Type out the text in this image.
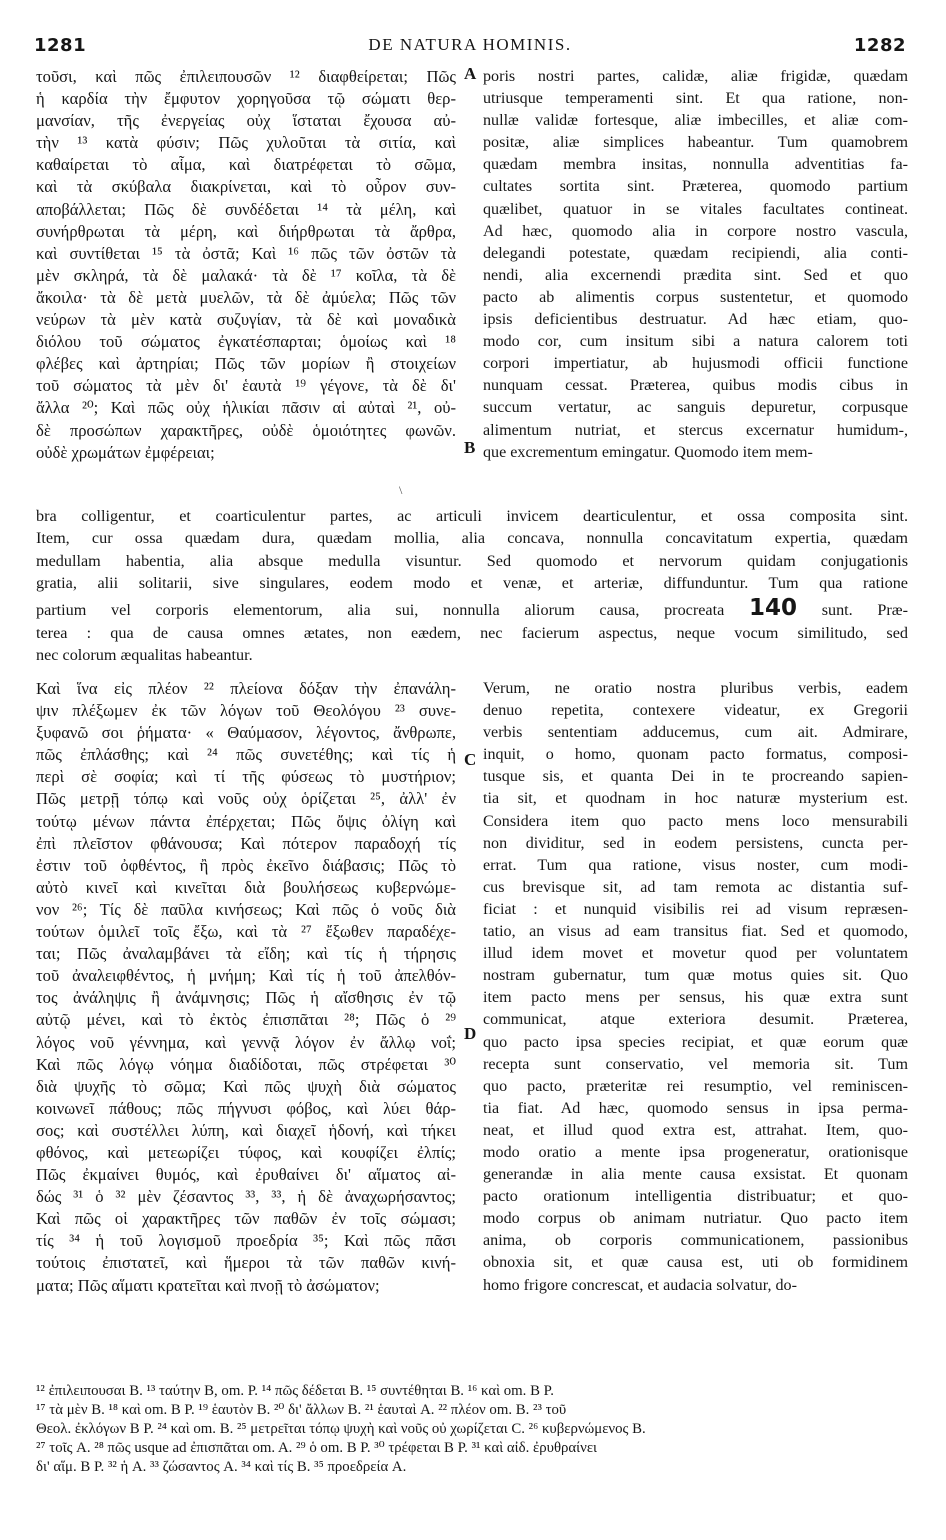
1281	DE NATURA HOMINIS.	1282
τοῦσι, καὶ πῶς ἐπιλειπουσῶν ¹² διαφθείρεται; Πῶς
ἡ καρδία τὴν ἔμφυτον χορηγοῦσα τῷ σώματι θερ-
μανσίαν, τῆς ἐνεργείας οὐχ ἵσταται ἔχουσα αὐ-
τὴν ¹³ κατὰ φύσιν; Πῶς χυλοῦται τὰ σιτία, καὶ
καθαίρεται τὸ αἷμα, καὶ διατρέφεται τὸ σῶμα,
καὶ τὰ σκύβαλα διακρίνεται, καὶ τὸ οὖρον συν-
αποβάλλεται; Πῶς δὲ συνδέδεται ¹⁴ τὰ μέλη, καὶ
συνήρθρωται τὰ μέρη, καὶ διήρθρωται τὰ ἄρθρα,
καὶ συντίθεται ¹⁵ τὰ ὀστᾶ; Καὶ ¹⁶ πῶς τῶν ὀστῶν τὰ
μὲν σκληρά, τὰ δὲ μαλακά· τὰ δὲ ¹⁷ κοῖλα, τὰ δὲ
ἄκοιλα· τὰ δὲ μετὰ μυελῶν, τὰ δὲ ἀμύελα; Πῶς τῶν
νεύρων τὰ μὲν κατὰ συζυγίαν, τὰ δὲ καὶ μοναδικὰ
διόλου τοῦ σώματος ἐγκατέσπαρται; ὁμοίως καὶ ¹⁸
φλέβες καὶ ἀρτηρίαι; Πῶς τῶν μορίων ἢ στοιχείων
τοῦ σώματος τὰ μὲν δι' ἑαυτὰ ¹⁹ γέγονε, τὰ δὲ δι'
ἄλλα ²⁰; Καὶ πῶς οὐχ ἡλικίαι πᾶσιν αἱ αὐταὶ ²¹, οὐ-
δὲ προσώπων χαρακτῆρες, οὐδὲ ὁμοιότητες φωνῶν.
οὐδὲ χρωμάτων ἐμφέρειαι;
poris nostri partes, calidæ, aliæ frigidæ, quædam
utriusque temperamenti sint. Et qua ratione, non-
nullæ validæ fortesque, aliæ imbecilles, et aliæ com-
positæ, aliæ simplices habeantur. Tum quamobrem
quædam membra insitas, nonnulla adventitias fa-
cultates sortita sint. Præterea, quomodo partium
quælibet, quatuor in se vitales facultates contineat.
Ad hæc, quomodo alia in corpore nostro vascula,
delegandi potestate, quædam recipiendi, alia conti-
nendi, alia excernendi prædita sint. Sed et quo
pacto ab alimentis corpus sustentetur, et quomodo
ipsis deficientibus destruatur. Ad hæc etiam, quo-
modo cor, cum insitum sibi a natura calorem toti
corpori impertiatur, ab hujusmodi officii functione
nunquam cessat. Præterea, quibus modis cibus in
succum vertatur, ac sanguis depuretur, corpusque
alimentum nutriat, et stercus excernatur humidum-,
que excrementum emingatur. Quomodo item mem-
bra colligentur, et coarticulentur partes, ac articuli invicem dearticulentur, et ossa composita sint.
Item, cur ossa quædam dura, quædam mollia, alia concava, nonnulla concavitatum expertia, quædam
medullam habentia, alia absque medulla visuntur. Sed quomodo et nervorum quidam conjugationis
gratia, alii solitarii, sive singulares, eodem modo et venæ, et arteriæ, diffunduntur. Tum qua ratione
partium vel corporis elementorum, alia sui, nonnulla aliorum causa, procreata 140 sunt. Præ-
terea : qua de causa omnes ætates, non eædem, nec facierum aspectus, neque vocum similitudo, sed
nec colorum æqualitas habeantur.
Καὶ ἵνα εἰς πλέον ²² πλείονα δόξαν τὴν ἐπανάλη-
ψιν πλέξωμεν ἐκ τῶν λόγων τοῦ Θεολόγου ²³ συνε-
ξυφανῶ σοι ῥήματα· « Θαύμασον, λέγοντος, ἄνθρωπε,
πῶς ἐπλάσθης; καὶ ²⁴ πῶς συνετέθης; καὶ τίς ἡ
περὶ σὲ σοφία; καὶ τί τῆς φύσεως τὸ μυστήριον;
Πῶς μετρῇ τόπῳ καὶ νοῦς οὐχ ὁρίζεται ²⁵, ἀλλ' ἐν
τούτῳ μένων πάντα ἐπέρχεται; Πῶς ὄψις ὀλίγη καὶ
ἐπὶ πλεῖστον φθάνουσα; Καὶ πότερον παραδοχή τίς
ἐστιν τοῦ ὀφθέντος, ἢ πρὸς ἐκεῖνο διάβασις; Πῶς τὸ
αὐτὸ κινεῖ καὶ κινεῖται διὰ βουλήσεως κυβερνώμε-
νον ²⁶; Τίς δὲ παῦλα κινήσεως; Καὶ πῶς ὁ νοῦς διὰ
τούτων ὁμιλεῖ τοῖς ἔξω, καὶ τὰ ²⁷ ἔξωθεν παραδέχε-
ται; Πῶς ἀναλαμβάνει τὰ εἴδη; καὶ τίς ἡ τήρησις
τοῦ ἀναλειφθέντος, ἡ μνήμη; Καὶ τίς ἡ τοῦ ἀπελθόν-
τος ἀνάληψις ἢ ἀνάμνησις; Πῶς ἡ αἴσθησις ἐν τῷ
αὐτῷ μένει, καὶ τὸ ἐκτὸς ἐπισπᾶται ²⁸; Πῶς ὁ ²⁹
λόγος νοῦ γέννημα, καὶ γεννᾷ λόγον ἐν ἄλλῳ νοΐ;
Καὶ πῶς λόγῳ νόημα διαδίδοται, πῶς στρέφεται ³⁰
διὰ ψυχῆς τὸ σῶμα; Καὶ πῶς ψυχὴ διὰ σώματος
κοινωνεῖ πάθους; πῶς πήγνυσι φόβος, καὶ λύει θάρ-
σος; καὶ συστέλλει λύπη, καὶ διαχεῖ ἡδονή, καὶ τήκει
φθόνος, καὶ μετεωρίζει τύφος, καὶ κουφίζει ἐλπίς;
Πῶς ἐκμαίνει θυμός, καὶ ἐρυθαίνει δι' αἵματος αἰ-
δώς ³¹ ὁ ³² μὲν ζέσαντος ³³, ³³, ἡ δὲ ἀναχωρήσαντος;
Καὶ πῶς οἱ χαρακτῆρες τῶν παθῶν ἐν τοῖς σώμασι;
τίς ³⁴ ἡ τοῦ λογισμοῦ προεδρία ³⁵; Καὶ πῶς πᾶσι
τούτοις ἐπιστατεῖ, καὶ ἥμεροι τὰ τῶν παθῶν κινή-
ματα; Πῶς αἵματι κρατεῖται καὶ πνοῇ τὸ ἀσώματον;
Verum, ne oratio nostra pluribus verbis, eadem
denuo repetita, contexere videatur, ex Gregorii
verbis sententiam adducemus, cum ait. Admirare,
inquit, o homo, quonam pacto formatus, composi-
tusque sis, et quanta Dei in te procreando sapien-
tia sit, et quodnam in hoc naturæ mysterium est.
Considera item quo pacto mens loco mensurabili
non dividitur, sed in eodem persistens, cuncta per-
errat. Tum qua ratione, visus noster, cum modi-
cus brevisque sit, ad tam remota ac distantia suf-
ficiat : et nunquid visibilis rei ad visum repræsen-
tatio, an visus ad eam transitus fiat. Sed et quomodo,
illud idem movet et movetur quod per voluntatem
nostram gubernatur, tum quæ motus quies sit. Quo
item pacto mens per sensus, his quæ extra sunt
communicat, atque exteriora desumit. Præterea,
quo pacto ipsa species recipiat, et quæ eorum quæ
recepta sunt conservatio, vel memoria sit. Tum
quo pacto, præteritæ rei resumptio, vel reminiscen-
tia fiat. Ad hæc, quomodo sensus in ipsa perma-
neat, et illud quod extra est, attrahat. Item, quo-
modo oratio a mente ipsa progeneratur, orationisque
generandæ in alia mente causa exsistat. Et quonam
pacto orationum intelligentia distribuatur; et quo-
modo corpus ob animam nutriatur. Quo pacto item
anima, ob corporis communicationem, passionibus
obnoxia sit, et quæ causa est, uti ob formidinem
homo frigore concrescat, et audacia solvatur, do-
A
B
C
D
\
¹² ἐπιλειπουσαι B. ¹³ ταύτην B, om. P. ¹⁴ πῶς δέδεται B. ¹⁵ συντέθηται B. ¹⁶ καὶ om. B P.
¹⁷ τὰ μὲν B. ¹⁸ καὶ om. B P. ¹⁹ ἑαυτὸν B. ²⁰ δι' ἄλλων B. ²¹ ἑαυταὶ A. ²² πλέον om. B. ²³ τοῦ
Θεολ. ἐκλόγων B P. ²⁴ καὶ om. B. ²⁵ μετρεῖται τόπῳ ψυχὴ καὶ νοῦς οὐ χωρίζεται C. ²⁶ κυβερνώμενος B.
²⁷ τοῖς A. ²⁸ πῶς usque ad ἐπισπᾶται om. A. ²⁹ ὁ om. B P. ³⁰ τρέφεται B P. ³¹ καὶ αἰδ. ἐρυθραίνει
δι' αἵμ. B P. ³² ἡ A. ³³ ζώσαντος A. ³⁴ καὶ τίς B. ³⁵ προεδρεία A.
